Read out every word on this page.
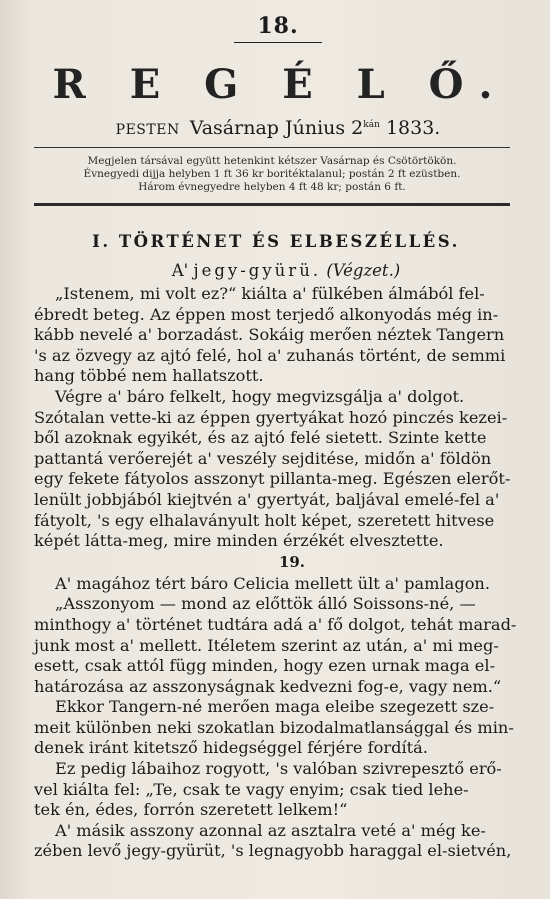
18.
R E G É L Ő.
PESTEN Vasárnap Június $2^{kán}$ 1833.
Megjelen társával együtt hetenkint kétszer Vasárnap és Csötörtökön.
Évnegyedi dijja helyben 1 ft 36 kr boritéktalanul; postán 2 ft ezüstben.
Három évnegyedre helyben 4 ft 48 kr; postán 6 ft.
I. TÖRTÉNET ÉS ELBESZÉLLÉS.
A' jegy-gyürü. (Végzet.)
„Istenem, mi volt ez?“ kiálta a' fülkében álmából fel-
ébredt beteg. Az éppen most terjedő alkonyodás még in-
kább nevelé a' borzadást. Sokáig merően néztek Tangern
's az özvegy az ajtó felé, hol a' zuhanás történt, de semmi
hang többé nem hallatszott.
Végre a' báro felkelt, hogy megvizsgálja a' dolgot.
Szótalan vette-ki az éppen gyertyákat hozó pinczés kezei-
ből azoknak egyikét, és az ajtó felé sietett. Szinte kette
pattantá verőerejét a' veszély sejditése, midőn a' földön
egy fekete fátyolos asszonyt pillanta-meg. Egészen elerőt-
lenült jobbjából kiejtvén a' gyertyát, baljával emelé-fel a'
fátyolt, 's egy elhalaványult holt képet, szeretett hitvese
képét látta-meg, mire minden érzékét elvesztette.
19.
A' magához tért báro Celicia mellett ült a' pamlagon.
„Asszonyom — mond az előttök álló Soissons-né, —
minthogy a' történet tudtára adá a' fő dolgot, tehát marad-
junk most a' mellett. Itéletem szerint az után, a' mi meg-
esett, csak attól függ minden, hogy ezen urnak maga el-
határozása az asszonyságnak kedvezni fog-e, vagy nem.“
Ekkor Tangern-né merően maga eleibe szegezett sze-
meit különben neki szokatlan bizodalmatlansággal és min-
denek iránt kitetsző hidegséggel férjére fordítá.
Ez pedig lábaihoz rogyott, 's valóban szivrepesztő erő-
vel kiálta fel: „Te, csak te vagy enyim; csak tied lehe-
tek én, édes, forrón szeretett lelkem!“
A' másik asszony azonnal az asztalra veté a' még ke-
zében levő jegy-gyürüt, 's legnagyobb haraggal el-sietvén,
